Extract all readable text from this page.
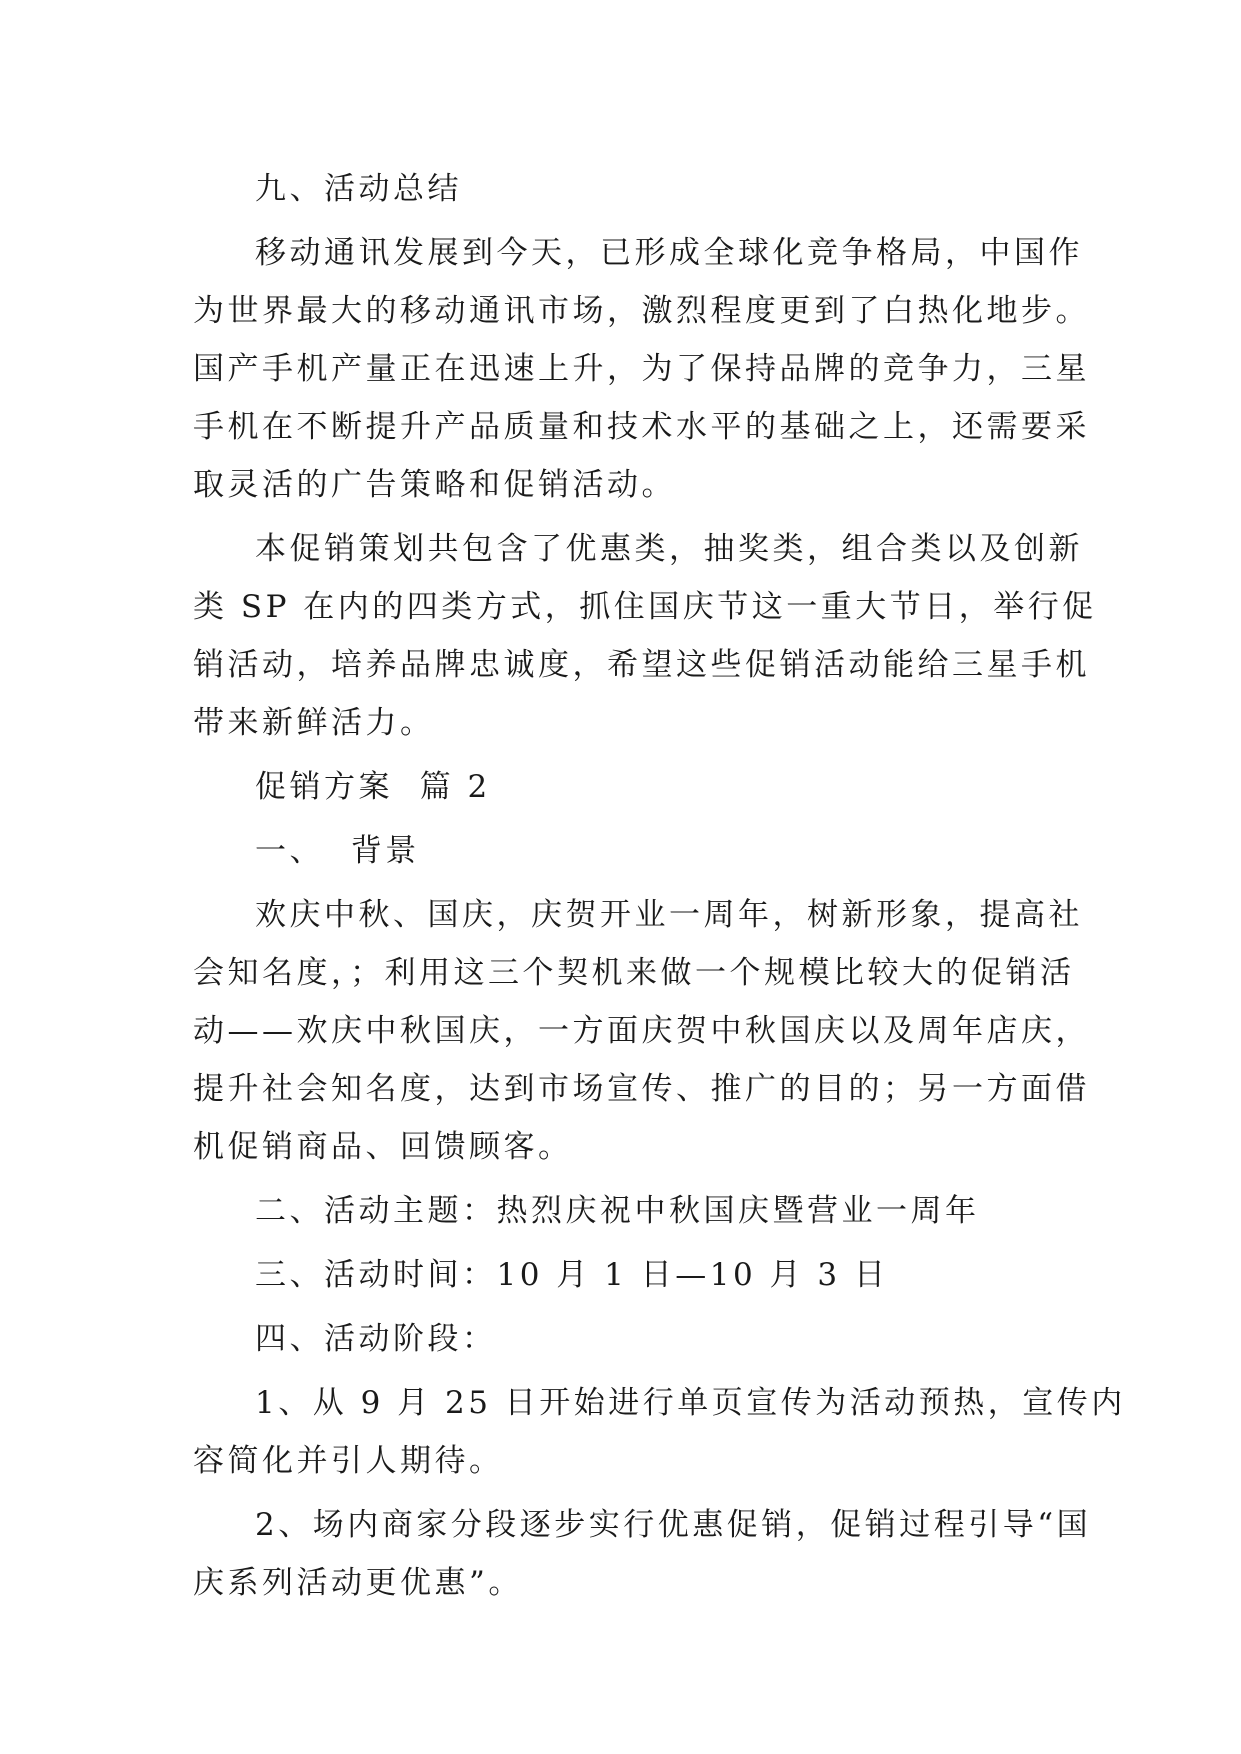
九、活动总结
移动通讯发展到今天，已形成全球化竞争格局，中国作
为世界最大的移动通讯市场，激烈程度更到了白热化地步。
国产手机产量正在迅速上升，为了保持品牌的竞争力，三星
手机在不断提升产品质量和技术水平的基础之上，还需要采
取灵活的广告策略和促销活动。
本促销策划共包含了优惠类，抽奖类，组合类以及创新
类 SP 在内的四类方式，抓住国庆节这一重大节日，举行促
销活动，培养品牌忠诚度，希望这些促销活动能给三星手机
带来新鲜活力。
促销方案  篇 2
一、  背景
欢庆中秋、国庆，庆贺开业一周年，树新形象，提高社
会知名度，；利用这三个契机来做一个规模比较大的促销活
动——欢庆中秋国庆，一方面庆贺中秋国庆以及周年店庆，
提升社会知名度，达到市场宣传、推广的目的；另一方面借
机促销商品、回馈顾客。
二、活动主题：热烈庆祝中秋国庆暨营业一周年
三、活动时间：10 月 1 日—10 月 3 日
四、活动阶段：
1、从 9 月 25 日开始进行单页宣传为活动预热，宣传内
容简化并引人期待。
2、场内商家分段逐步实行优惠促销，促销过程引导“国
庆系列活动更优惠”。
